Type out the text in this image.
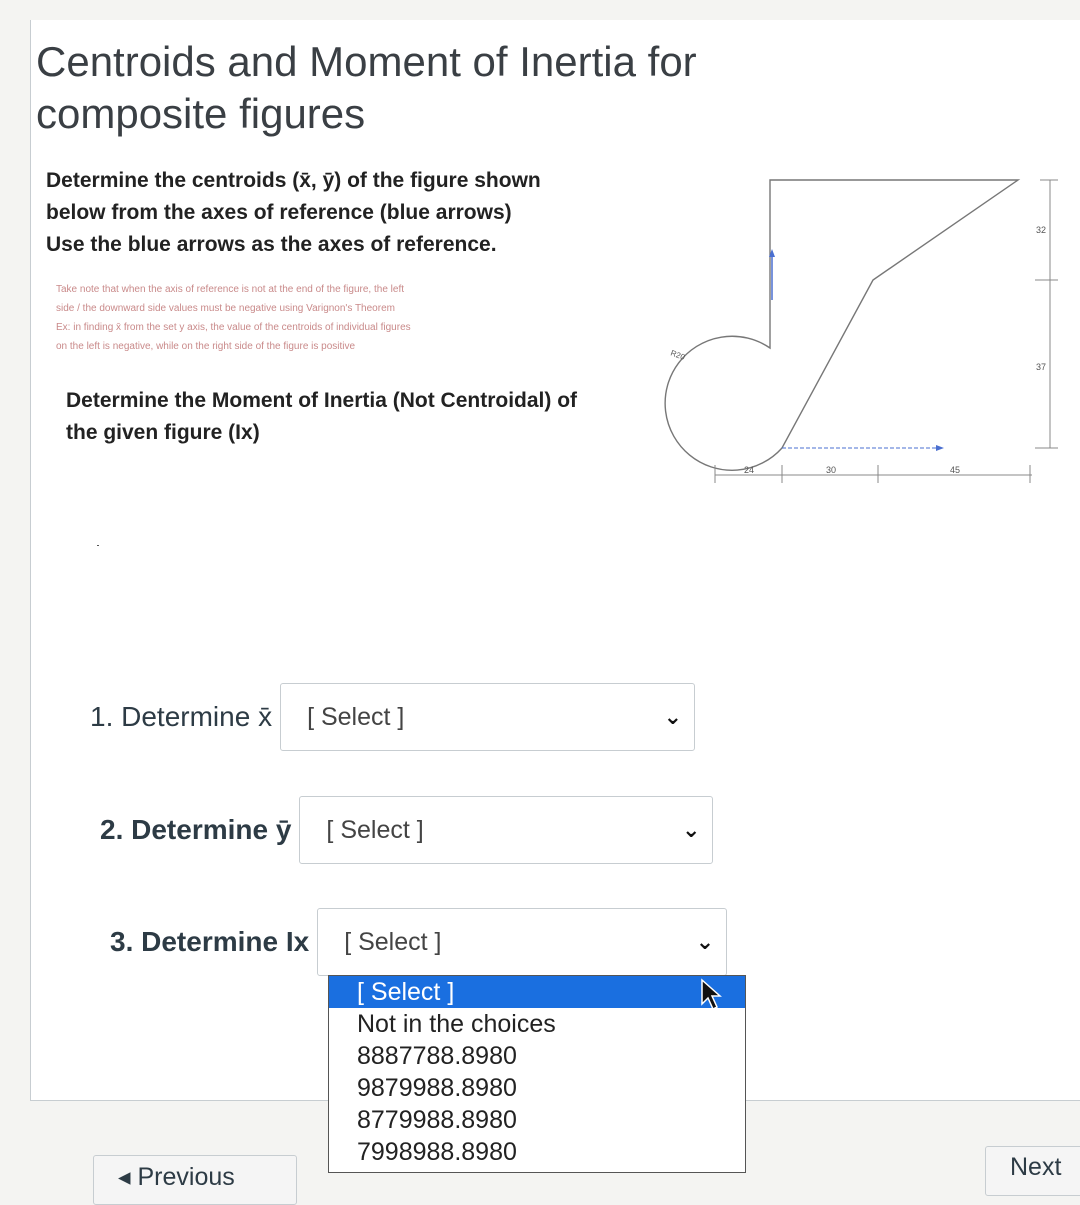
Centroids and Moment of Inertia for
composite figures
Determine the centroids (x̄, ȳ) of the figure shown
below from the axes of reference (blue arrows)
Use the blue arrows as the axes of reference.
Take note that when the axis of reference is not at the end of the figure, the left
side / the downward side values must be negative using Varignon's Theorem
Ex: in finding x̄ from the set y axis, the value of the centroids of individual figures
on the left is negative, while on the right side of the figure is positive
Determine the Moment of Inertia (Not Centroidal) of
the given figure (Ix)
R20
24	30	45
32
37
1. Determine x̄ [ Select ]	⌄
2. Determine ȳ [ Select ]	⌄
3. Determine Ix [ Select ]	⌄
[ Select ]
Not in the choices
8887788.8980
9879988.8980
8779988.8980
7998988.8980
◂ Previous	Next
